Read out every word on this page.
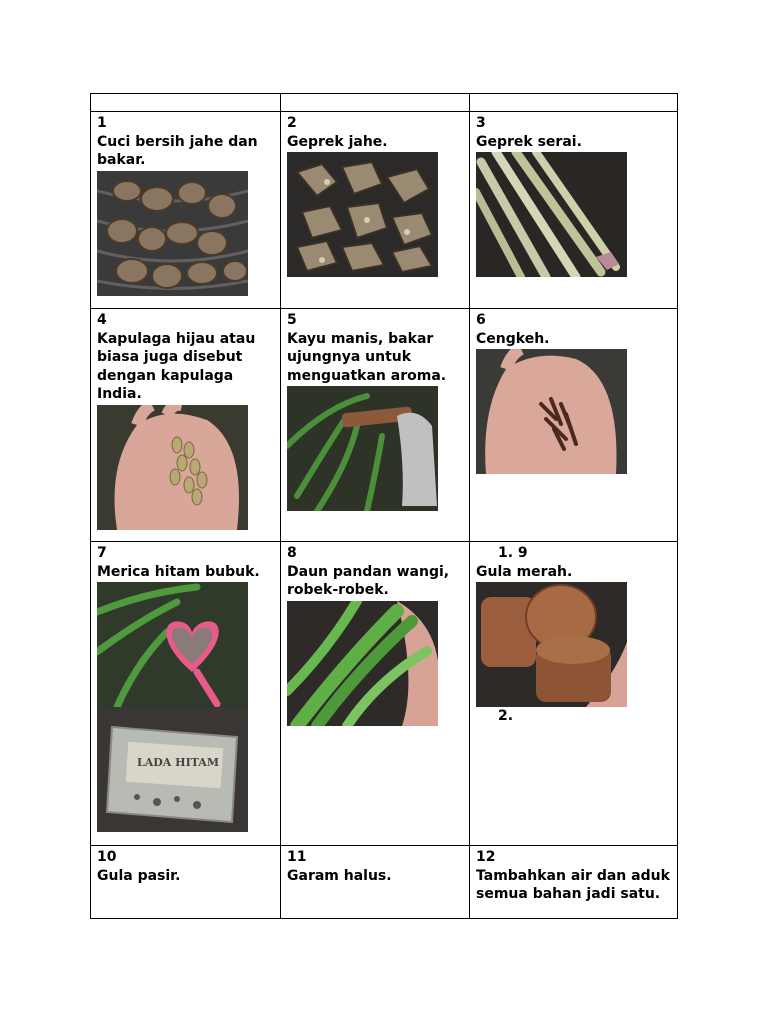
1
Cuci bersih jahe dan bakar.	2
Geprek jahe.	3
Geprek serai.

4
Kapulaga hijau atau biasa juga disebut dengan kapulaga India.	5
Kayu manis, bakar ujungnya untuk menguatkan aroma.	6
Cengkeh.

7
Merica hitam bubuk.
LADA HITAM	8
Daun pandan wangi, robek-robek.	1. 9
Gula merah.
2.

10
Gula pasir.	11
Garam halus.	12
Tambahkan air dan aduk semua bahan jadi satu.
